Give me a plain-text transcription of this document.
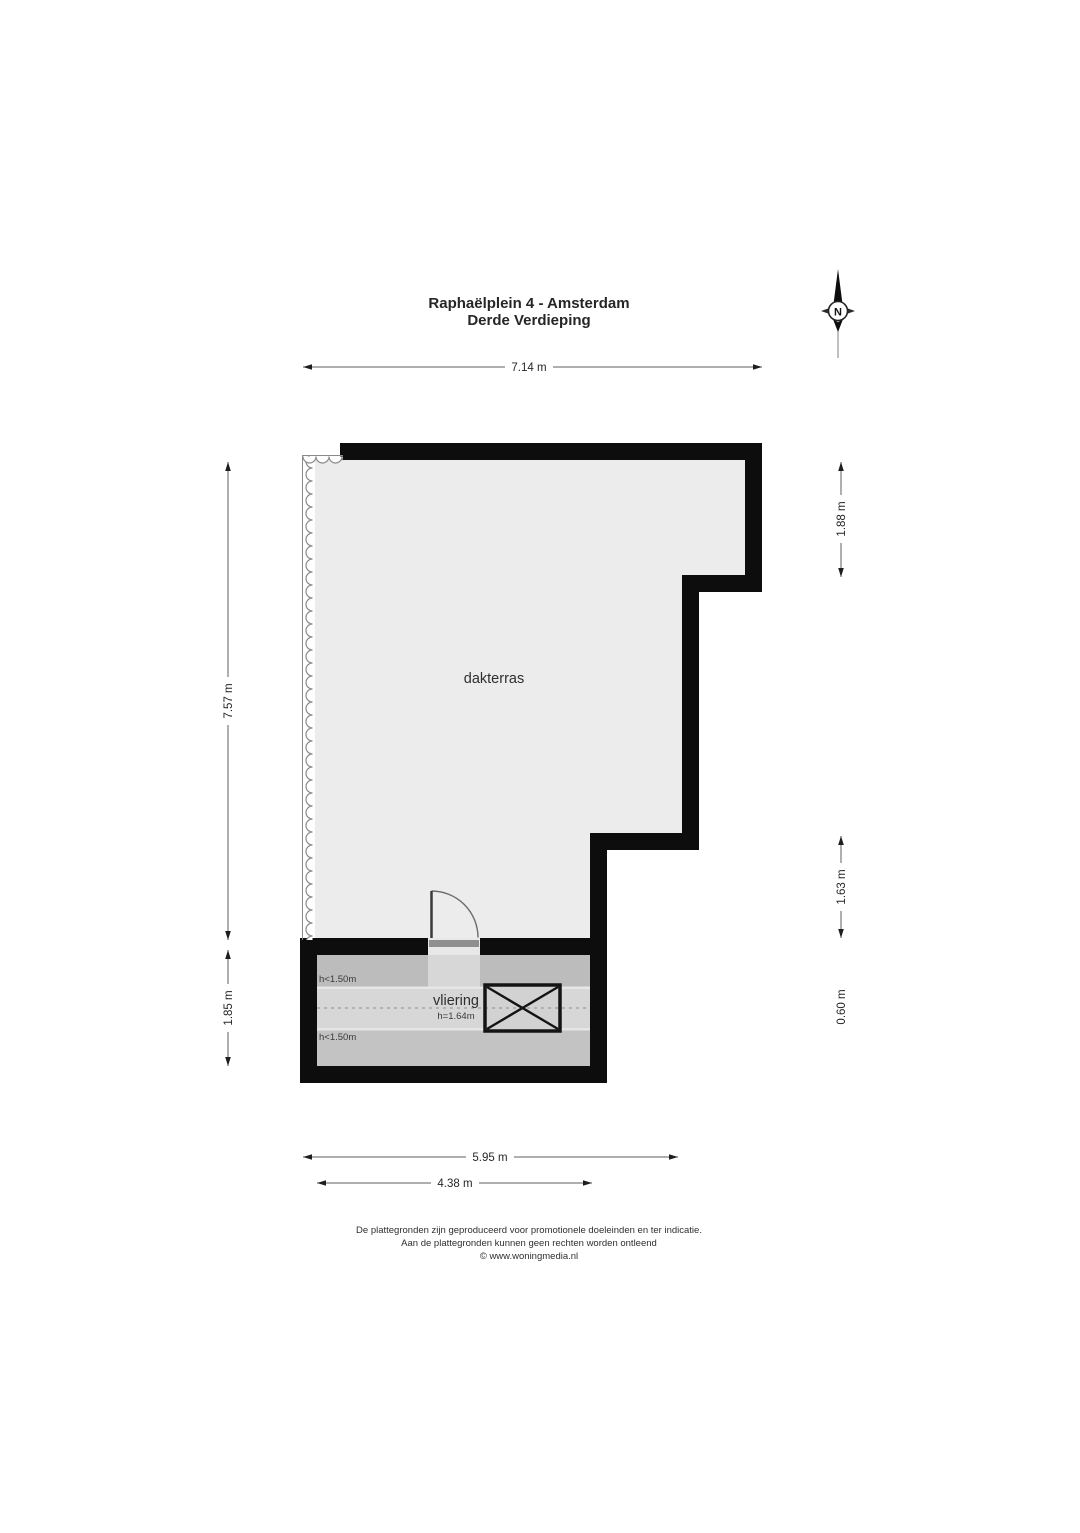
Raphaëlplein 4 - Amsterdam
Derde Verdieping	N
dakterras
vliering
h=1.64m
h<1.50m
h<1.50m
7.14 m
7.57 m
1.85 m
1.88 m
1.63 m
0.60 m
5.95 m
4.38 m
De plattegronden zijn geproduceerd voor promotionele doeleinden en ter indicatie.
Aan de plattegronden kunnen geen rechten worden ontleend
© www.woningmedia.nl
